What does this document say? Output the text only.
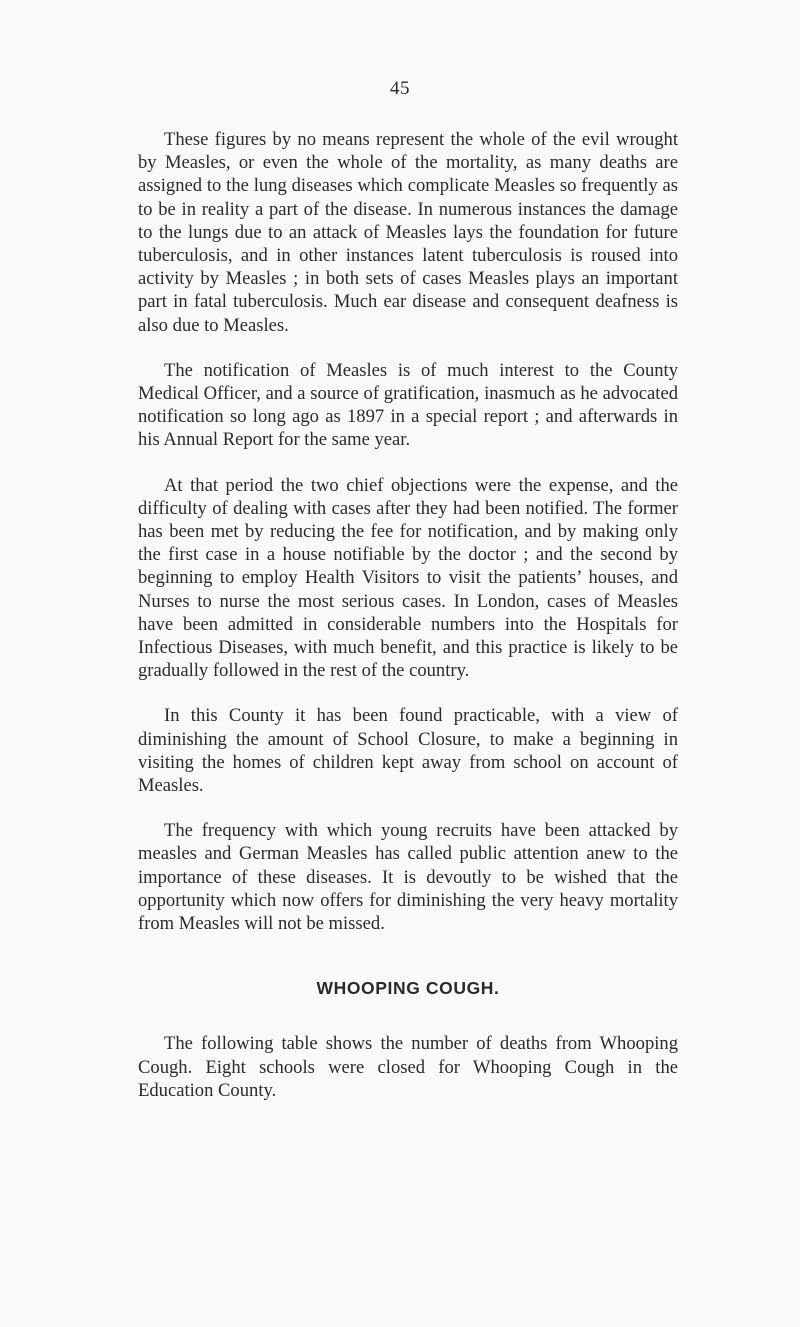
45

These figures by no means represent the whole of the evil wrought by Measles, or even the whole of the mortality, as many deaths are assigned to the lung diseases which complicate Measles so frequently as to be in reality a part of the disease. In numerous instances the damage to the lungs due to an attack of Measles lays the foundation for future tuberculosis, and in other instances latent tuberculosis is roused into activity by Measles ; in both sets of cases Measles plays an important part in fatal tuberculosis. Much ear disease and consequent deafness is also due to Measles.

The notification of Measles is of much interest to the County Medical Officer, and a source of gratification, inasmuch as he advocated notification so long ago as 1897 in a special report ; and afterwards in his Annual Report for the same year.

At that period the two chief objections were the expense, and the difficulty of dealing with cases after they had been notified. The former has been met by reducing the fee for notification, and by making only the first case in a house notifiable by the doctor ; and the second by beginning to employ Health Visitors to visit the patients’ houses, and Nurses to nurse the most serious cases. In London, cases of Measles have been admitted in considerable numbers into the Hospitals for Infectious Diseases, with much benefit, and this practice is likely to be gradually followed in the rest of the country.

In this County it has been found practicable, with a view of diminishing the amount of School Closure, to make a beginning in visiting the homes of children kept away from school on account of Measles.

The frequency with which young recruits have been attacked by measles and German Measles has called public attention anew to the importance of these diseases. It is devoutly to be wished that the opportunity which now offers for diminishing the very heavy mortality from Measles will not be missed.

WHOOPING COUGH.

The following table shows the number of deaths from Whooping Cough. Eight schools were closed for Whooping Cough in the Education County.
